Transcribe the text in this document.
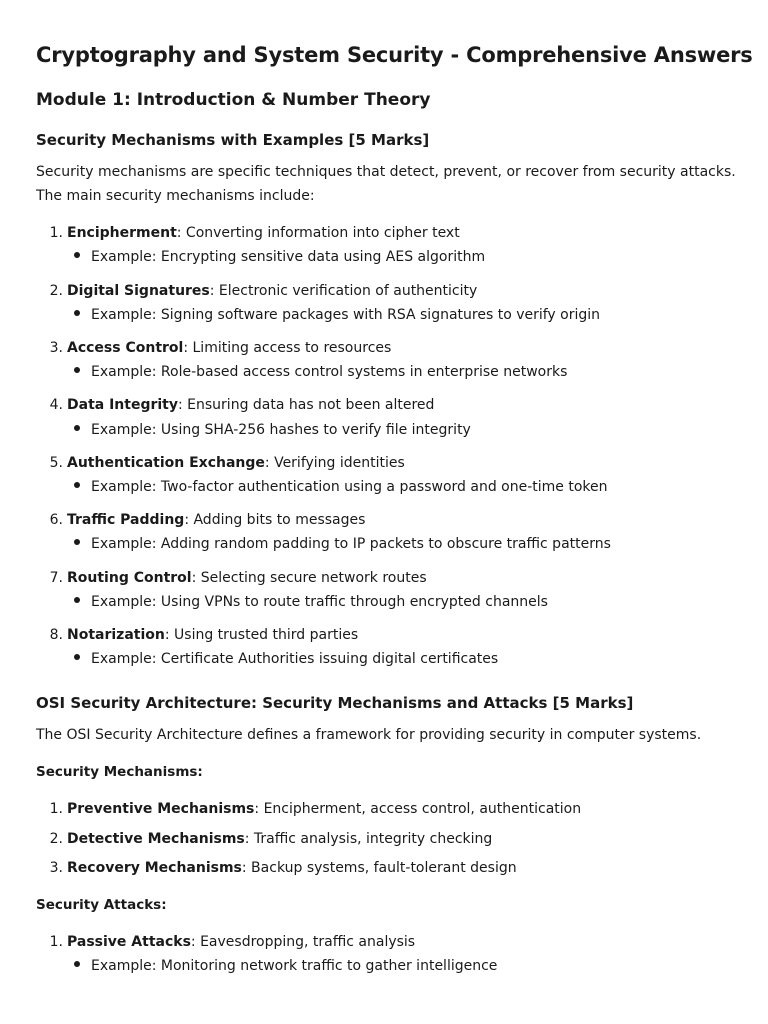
Cryptography and System Security - Comprehensive Answers
Module 1: Introduction & Number Theory
Security Mechanisms with Examples [5 Marks]

Security mechanisms are specific techniques that detect, prevent, or recover from security attacks. The main security mechanisms include:

1. Encipherment: Converting information into cipher text
Example: Encrypting sensitive data using AES algorithm
2. Digital Signatures: Electronic verification of authenticity
Example: Signing software packages with RSA signatures to verify origin
3. Access Control: Limiting access to resources
Example: Role-based access control systems in enterprise networks
4. Data Integrity: Ensuring data has not been altered
Example: Using SHA-256 hashes to verify file integrity
5. Authentication Exchange: Verifying identities
Example: Two-factor authentication using a password and one-time token
6. Traffic Padding: Adding bits to messages
Example: Adding random padding to IP packets to obscure traffic patterns
7. Routing Control: Selecting secure network routes
Example: Using VPNs to route traffic through encrypted channels
8. Notarization: Using trusted third parties
Example: Certificate Authorities issuing digital certificates
OSI Security Architecture: Security Mechanisms and Attacks [5 Marks]

The OSI Security Architecture defines a framework for providing security in computer systems.

Security Mechanisms:
1. Preventive Mechanisms: Encipherment, access control, authentication
2. Detective Mechanisms: Traffic analysis, integrity checking
3. Recovery Mechanisms: Backup systems, fault-tolerant design
Security Attacks:
1. Passive Attacks: Eavesdropping, traffic analysis
Example: Monitoring network traffic to gather intelligence
